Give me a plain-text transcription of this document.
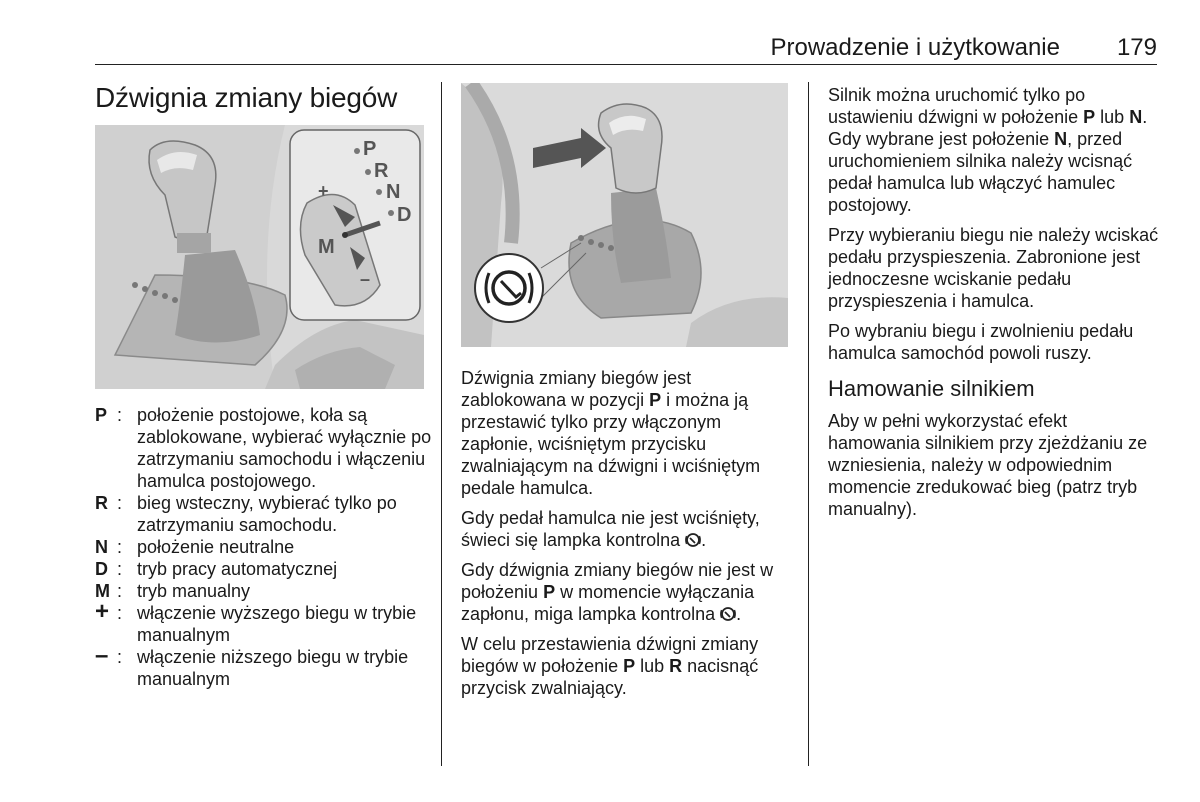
Prowadzenie i użytkowanie	179
Dźwignia zmiany biegów
P
R
N
D
M
+
–
P : położenie postojowe, koła są zablokowane, wybierać wyłącznie po zatrzymaniu samochodu i włączeniu hamulca postojowego.
R : bieg wsteczny, wybierać tylko po zatrzymaniu samochodu.
N : położenie neutralne
D : tryb pracy automatycznej
M : tryb manualny
+ : włączenie wyższego biegu w trybie manualnym
– : włączenie niższego biegu w trybie manualnym

Dźwignia zmiany biegów jest zablokowana w pozycji P i można ją przestawić tylko przy włączonym zapłonie, wciśniętym przycisku zwalniającym na dźwigni i wciśniętym pedale hamulca.

Gdy pedał hamulca nie jest wciśnięty, świeci się lampka kontrolna .

Gdy dźwignia zmiany biegów nie jest w położeniu P w momencie wyłączania zapłonu, miga lampka kontrolna .

W celu przestawienia dźwigni zmiany biegów w położenie P lub R nacisnąć przycisk zwalniający.

Silnik można uruchomić tylko po ustawieniu dźwigni w położenie P lub N. Gdy wybrane jest położenie N, przed uruchomieniem silnika należy wcisnąć pedał hamulca lub włączyć hamulec postojowy.

Przy wybieraniu biegu nie należy wciskać pedału przyspieszenia. Zabronione jest jednoczesne wciskanie pedału przyspieszenia i hamulca.

Po wybraniu biegu i zwolnieniu pedału hamulca samochód powoli ruszy.

Hamowanie silnikiem

Aby w pełni wykorzystać efekt hamowania silnikiem przy zjeżdżaniu ze wzniesienia, należy w odpowiednim momencie zredukować bieg (patrz tryb manualny).
